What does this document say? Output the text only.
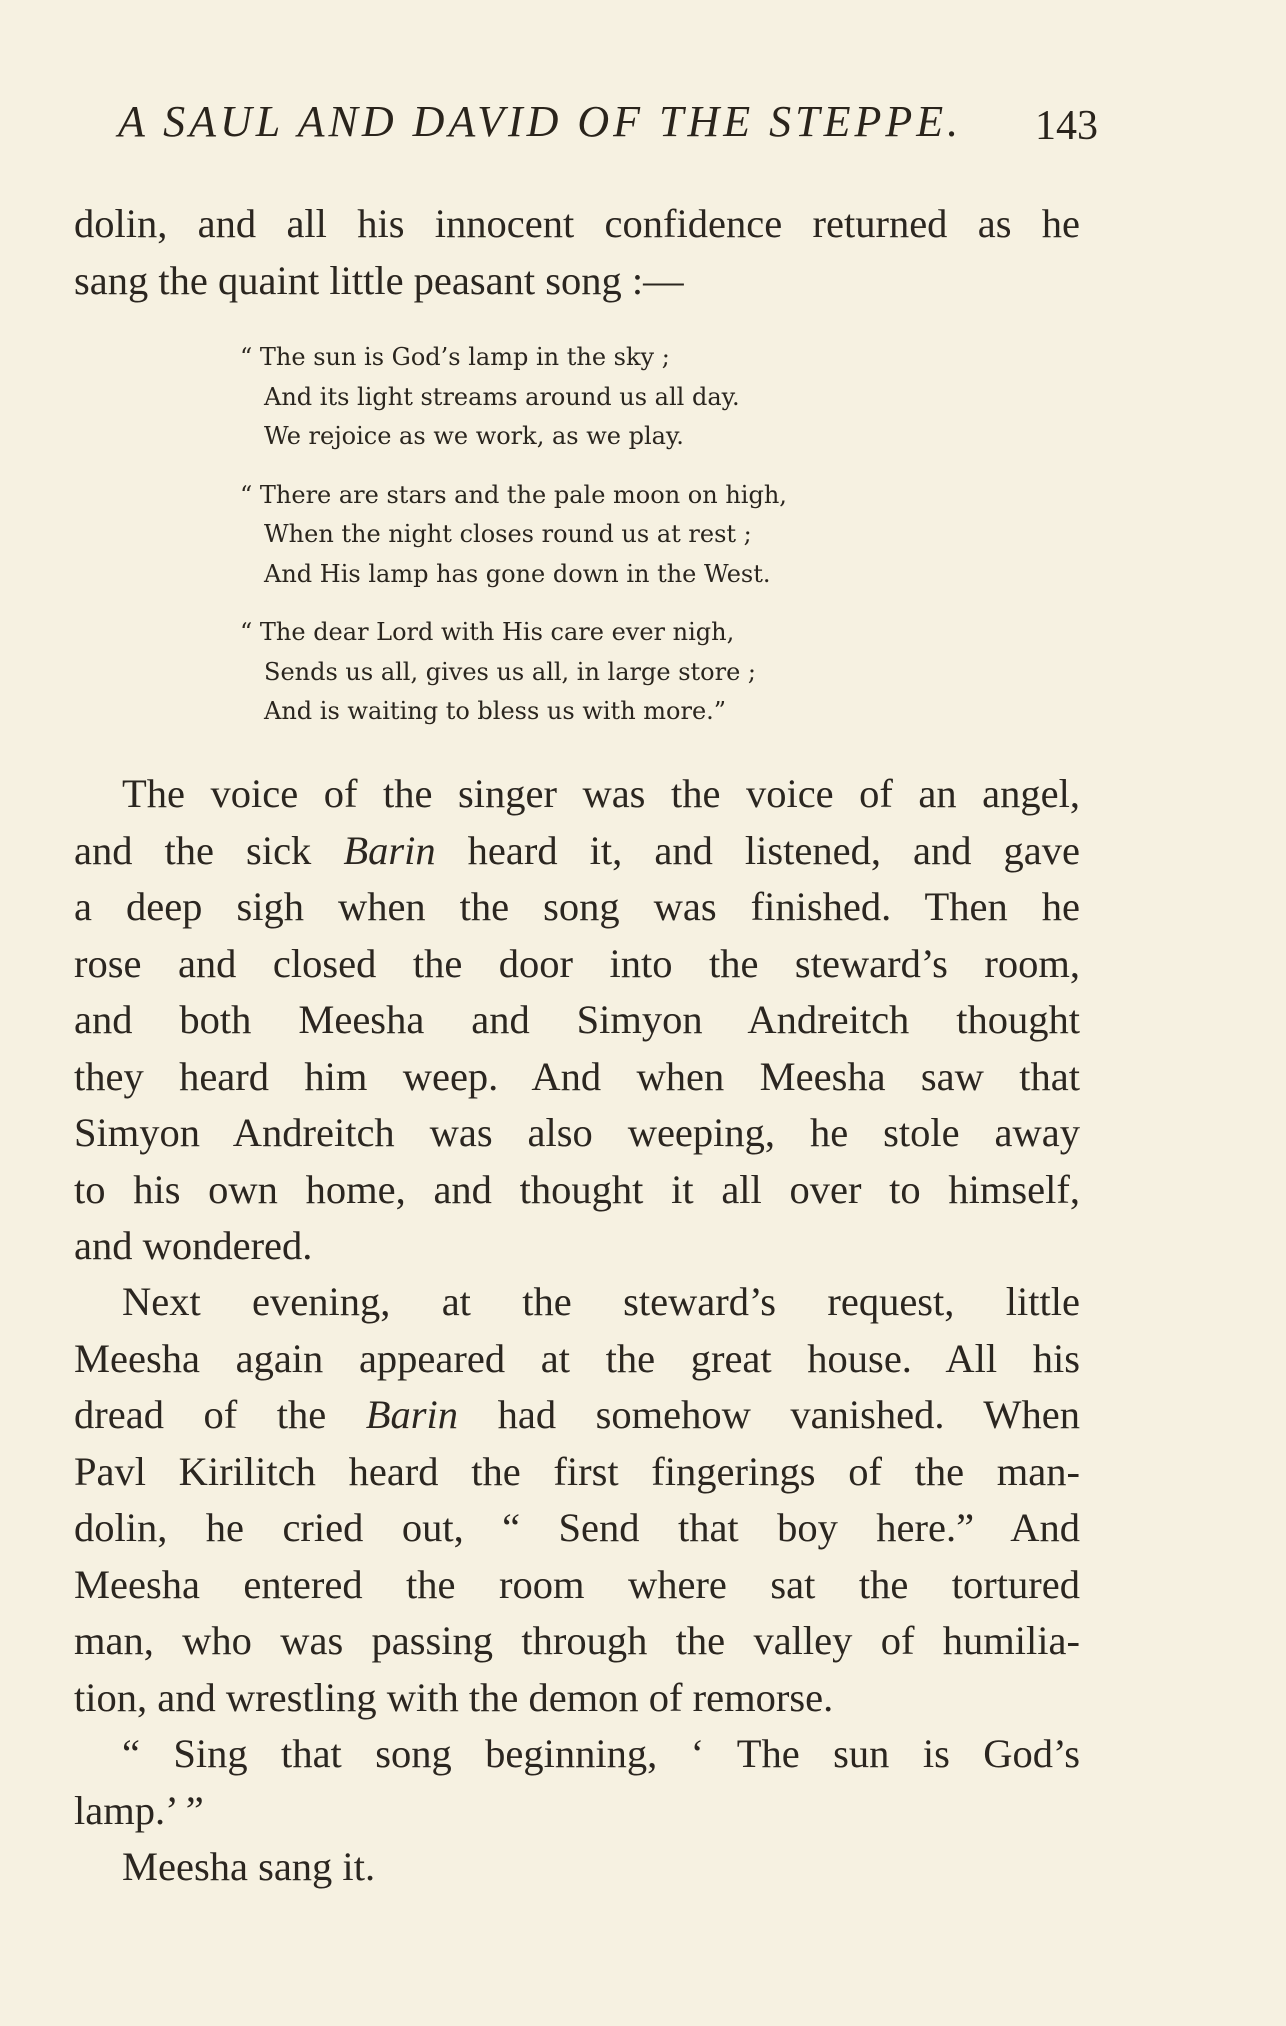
A SAUL AND DAVID OF THE STEPPE. 143
dolin, and all his innocent confidence returned as he
sang the quaint little peasant song :—
“ The sun is God’s lamp in the sky ;
And its light streams around us all day.
We rejoice as we work, as we play.
“ There are stars and the pale moon on high,
When the night closes round us at rest ;
And His lamp has gone down in the West.
“ The dear Lord with His care ever nigh,
Sends us all, gives us all, in large store ;
And is waiting to bless us with more.”
The voice of the singer was the voice of an angel,
and the sick Barin heard it, and listened, and gave
a deep sigh when the song was finished. Then he
rose and closed the door into the steward’s room,
and both Meesha and Simyon Andreitch thought
they heard him weep. And when Meesha saw that
Simyon Andreitch was also weeping, he stole away
to his own home, and thought it all over to himself,
and wondered.
Next evening, at the steward’s request, little
Meesha again appeared at the great house. All his
dread of the Barin had somehow vanished. When
Pavl Kirilitch heard the first fingerings of the man-
dolin, he cried out, “ Send that boy here.” And
Meesha entered the room where sat the tortured
man, who was passing through the valley of humilia-
tion, and wrestling with the demon of remorse.
“ Sing that song beginning, ‘ The sun is God’s
lamp.’ ”
Meesha sang it.
